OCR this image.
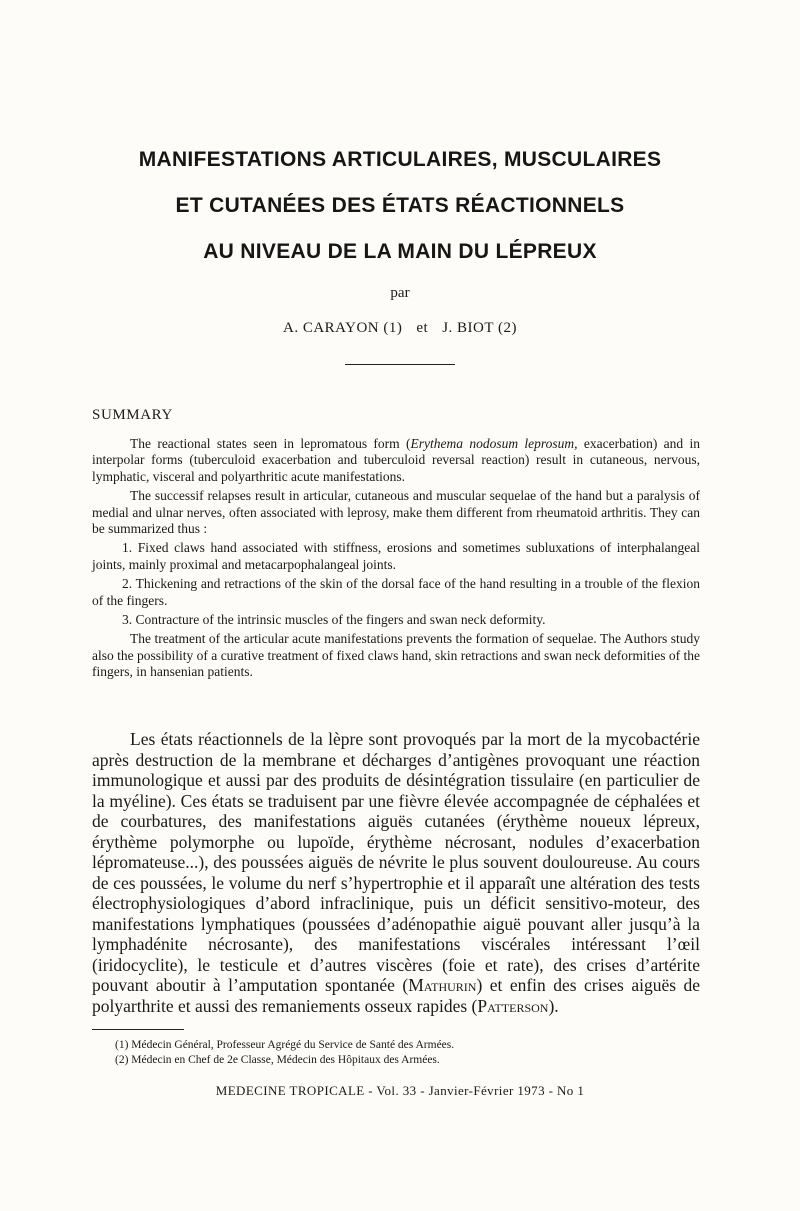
MANIFESTATIONS ARTICULAIRES, MUSCULAIRES
ET CUTANÉES DES ÉTATS RÉACTIONNELS
AU NIVEAU DE LA MAIN DU LÉPREUX

par

A. CARAYON (1) et J. BIOT (2)

SUMMARY

The reactional states seen in lepromatous form (Erythema nodosum leprosum, exacerbation) and in interpolar forms (tuberculoid exacerbation and tuberculoid reversal reaction) result in cutaneous, nervous, lymphatic, visceral and polyarthritic acute manifestations.

The successif relapses result in articular, cutaneous and muscular sequelae of the hand but a paralysis of medial and ulnar nerves, often associated with leprosy, make them different from rheumatoid arthritis. They can be summarized thus :

1. Fixed claws hand associated with stiffness, erosions and sometimes subluxations of interphalangeal joints, mainly proximal and metacarpophalangeal joints.

2. Thickening and retractions of the skin of the dorsal face of the hand resulting in a trouble of the flexion of the fingers.

3. Contracture of the intrinsic muscles of the fingers and swan neck deformity.

The treatment of the articular acute manifestations prevents the formation of sequelae. The Authors study also the possibility of a curative treatment of fixed claws hand, skin retractions and swan neck deformities of the fingers, in hansenian patients.

Les états réactionnels de la lèpre sont provoqués par la mort de la mycobactérie après destruction de la membrane et décharges d’antigènes provoquant une réaction immunologique et aussi par des produits de désintégration tissulaire (en particulier de la myéline). Ces états se traduisent par une fièvre élevée accompagnée de céphalées et de courbatures, des manifestations aiguës cutanées (érythème noueux lépreux, érythème polymorphe ou lupoïde, érythème nécrosant, nodules d’exacerbation lépromateuse...), des poussées aiguës de névrite le plus souvent douloureuse. Au cours de ces poussées, le volume du nerf s’hypertrophie et il apparaît une altération des tests électrophysiologiques d’abord infraclinique, puis un déficit sensitivo-moteur, des manifestations lymphatiques (poussées d’adénopathie aiguë pouvant aller jusqu’à la lymphadénite nécrosante), des manifestations viscérales intéressant l’œil (iridocyclite), le testicule et d’autres viscères (foie et rate), des crises d’artérite pouvant aboutir à l’amputation spontanée (Mathurin) et enfin des crises aiguës de polyarthrite et aussi des remaniements osseux rapides (Patterson).

(1) Médecin Général, Professeur Agrégé du Service de Santé des Armées.
(2) Médecin en Chef de 2e Classe, Médecin des Hôpitaux des Armées.
MEDECINE TROPICALE - Vol. 33 - Janvier-Février 1973 - No 1
